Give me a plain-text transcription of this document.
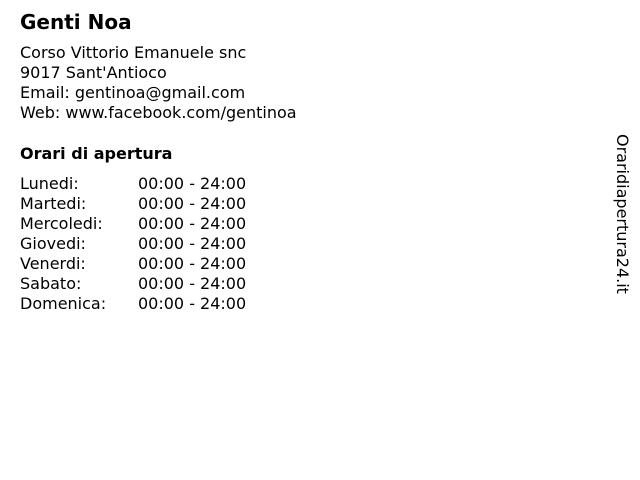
Genti Noa
Corso Vittorio Emanuele snc
9017 Sant'Antioco
Email: gentinoa@gmail.com
Web: www.facebook.com/gentinoa
Orari di apertura
Lunedi:	00:00 - 24:00
Martedi:	00:00 - 24:00
Mercoledi: 00:00 - 24:00
Giovedi:	00:00 - 24:00
Venerdi:	00:00 - 24:00
Sabato:	00:00 - 24:00
Domenica: 00:00 - 24:00
Oraridiapertura24.it
